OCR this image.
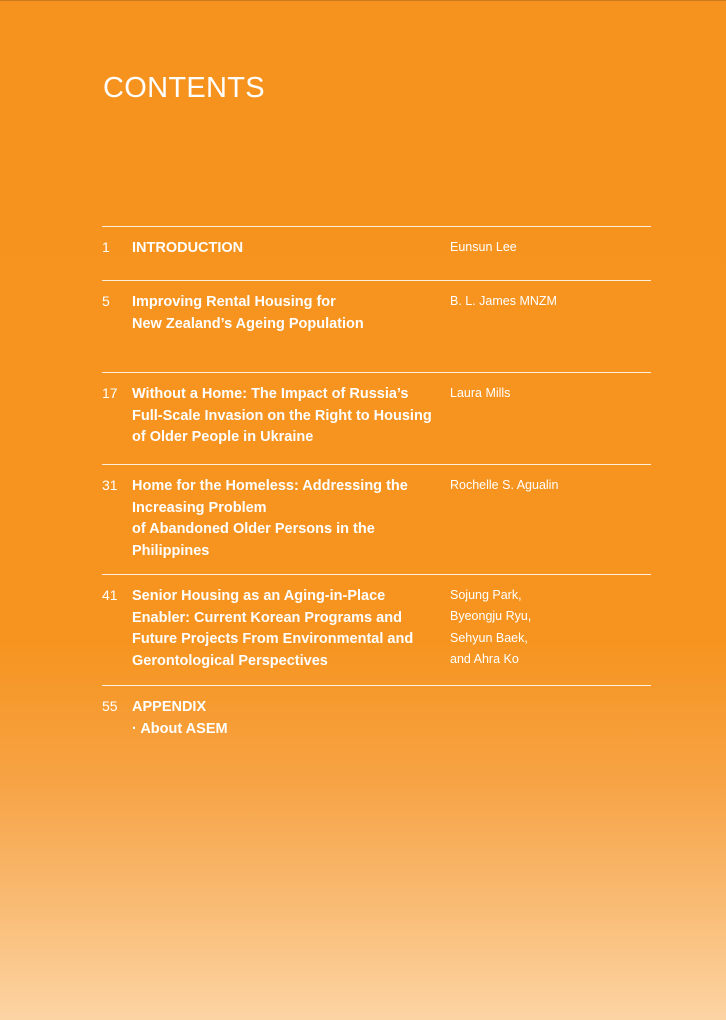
CONTENTS
1 INTRODUCTION	Eunsun Lee
5 Improving Rental Housing for
New Zealand’s Ageing Population
B. L. James MNZM
17 Without a Home: The Impact of Russia’s
Full-Scale Invasion on the Right to Housing
of Older People in Ukraine
Laura Mills
31 Home for the Homeless: Addressing the
Increasing Problem
of Abandoned Older Persons in the
Philippines
Rochelle S. Agualin
41 Senior Housing as an Aging-in-Place
Enabler: Current Korean Programs and
Future Projects From Environmental and
Gerontological Perspectives
Sojung Park,
Byeongju Ryu,
Sehyun Baek,
and Ahra Ko
55 APPENDIX
· About ASEM
